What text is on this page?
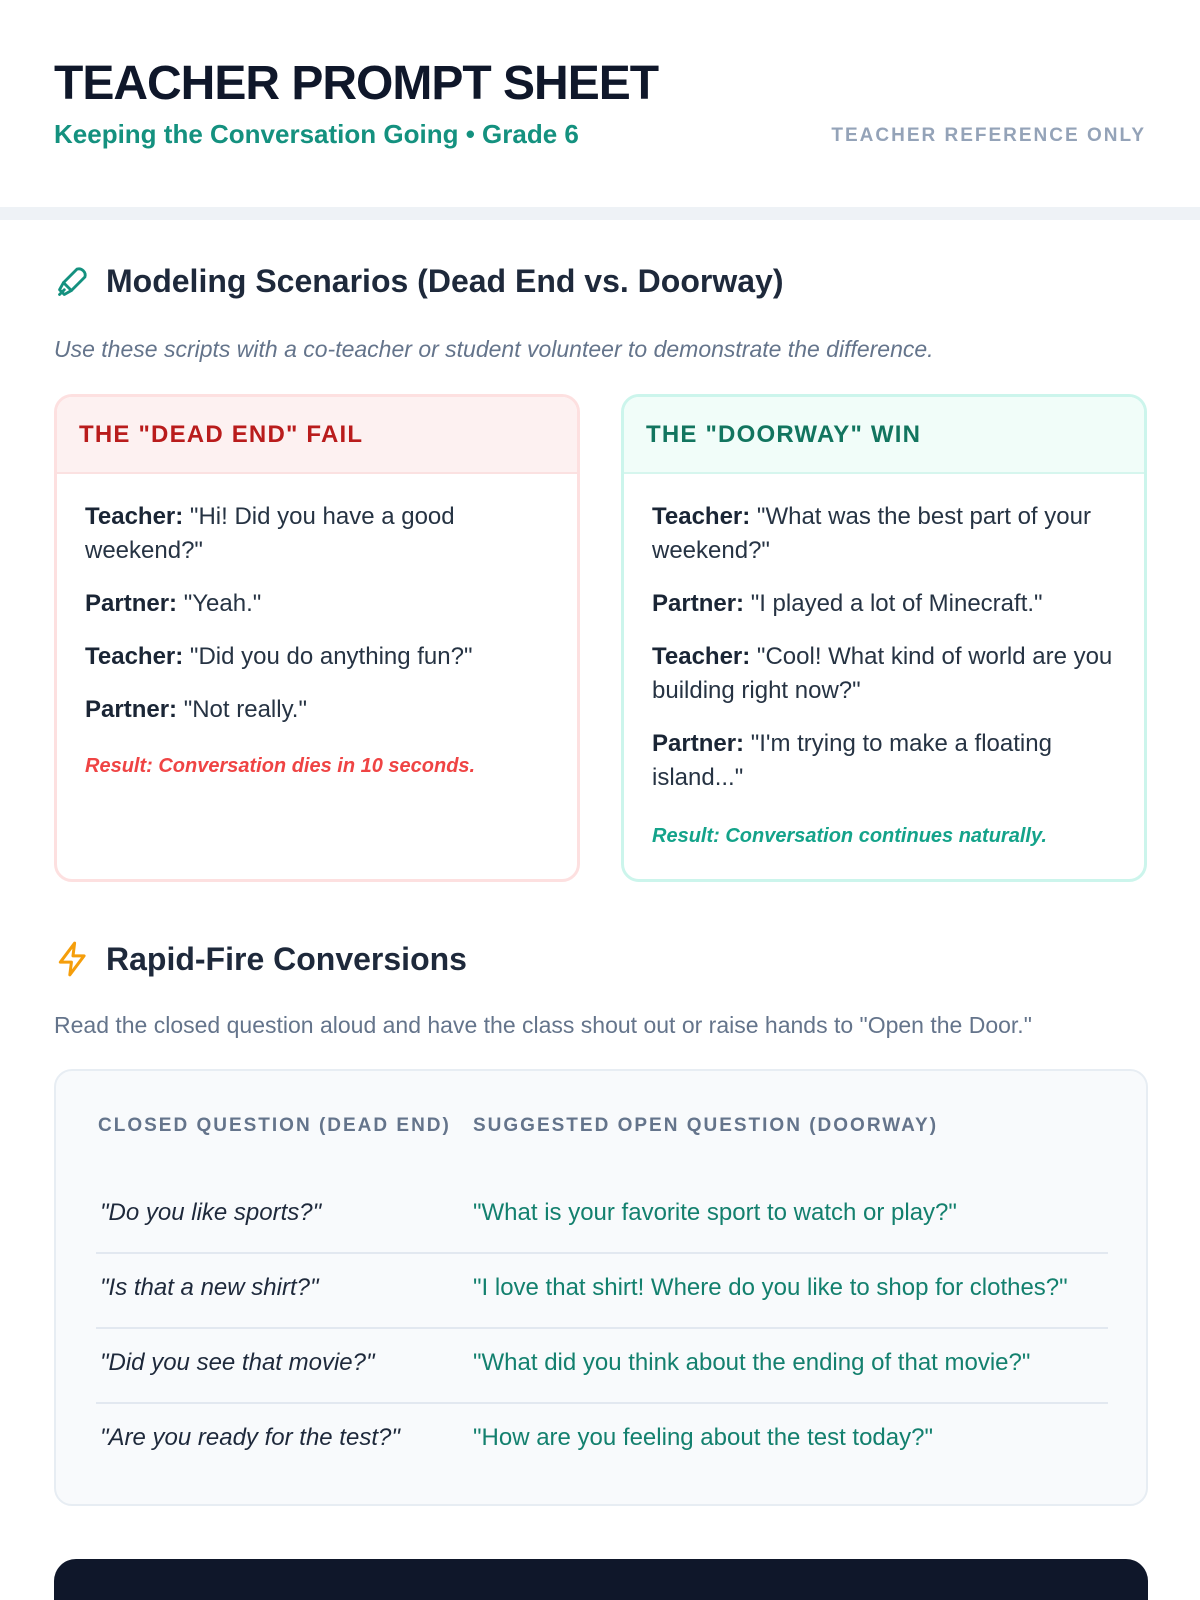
TEACHER PROMPT SHEET
Keeping the Conversation Going • Grade 6	TEACHER REFERENCE ONLY
Modeling Scenarios (Dead End vs. Doorway)
Use these scripts with a co-teacher or student volunteer to demonstrate the difference.
THE "DEAD END" FAIL
Teacher: "Hi! Did you have a good weekend?"
Partner: "Yeah."
Teacher: "Did you do anything fun?"
Partner: "Not really."
Result: Conversation dies in 10 seconds.
THE "DOORWAY" WIN
Teacher: "What was the best part of your weekend?"
Partner: "I played a lot of Minecraft."
Teacher: "Cool! What kind of world are you building right now?"
Partner: "I'm trying to make a floating island..."
Result: Conversation continues naturally.
Rapid-Fire Conversions
Read the closed question aloud and have the class shout out or raise hands to "Open the Door."
CLOSED QUESTION (DEAD END) SUGGESTED OPEN QUESTION (DOORWAY)
"Do you like sports?"	"What is your favorite sport to watch or play?"
"Is that a new shirt?"	"I love that shirt! Where do you like to shop for clothes?"
"Did you see that movie?"	"What did you think about the ending of that movie?"
"Are you ready for the test?"	"How are you feeling about the test today?"
